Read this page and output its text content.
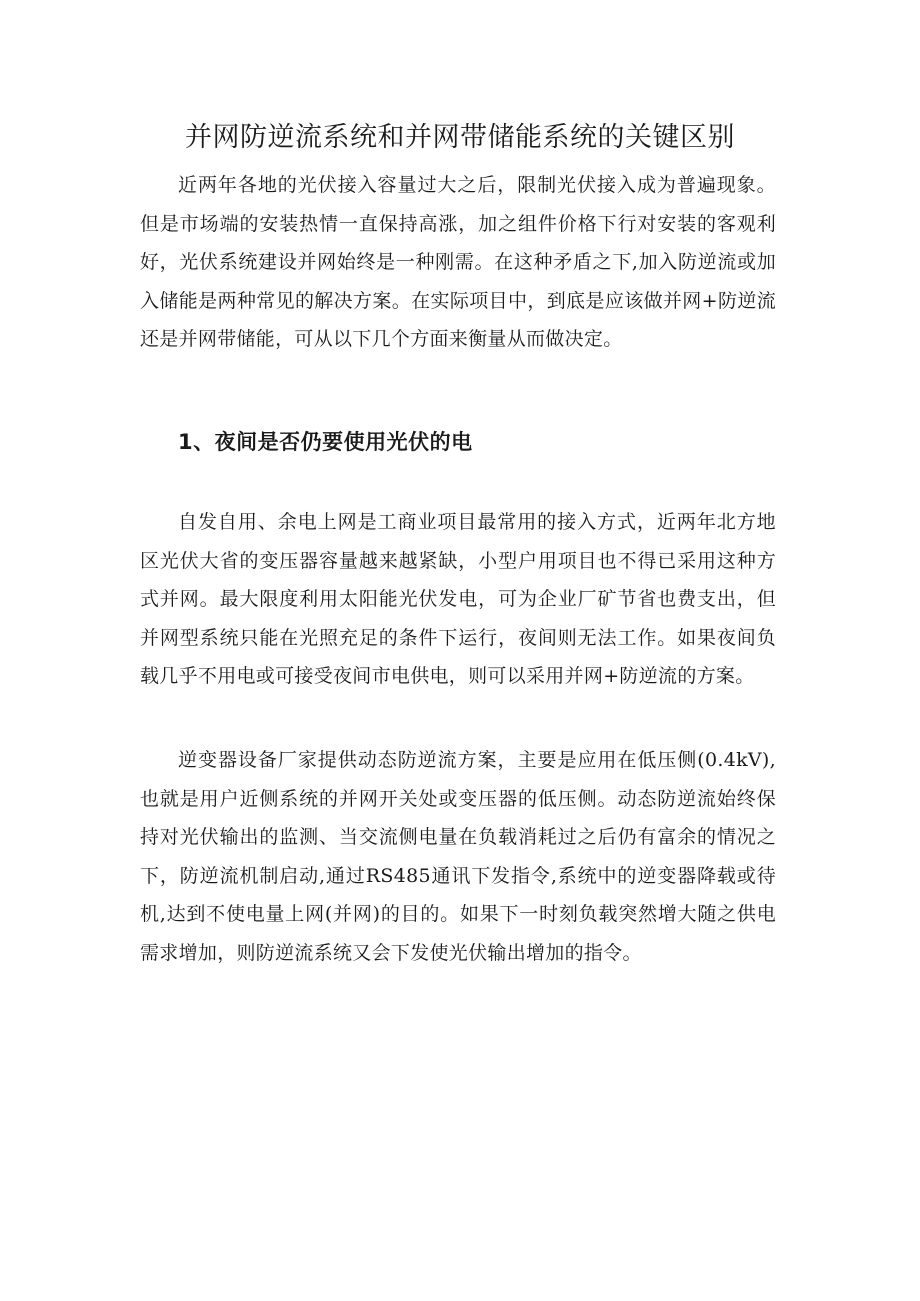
并网防逆流系统和并网带储能系统的关键区别

近两年各地的光伏接入容量过大之后，限制光伏接入成为普遍现象。但是市场端的安装热情一直保持高涨，加之组件价格下行对安装的客观利好，光伏系统建设并网始终是一种刚需。在这种矛盾之下,加入防逆流或加入储能是两种常见的解决方案。在实际项目中，到底是应该做并网+防逆流还是并网带储能，可从以下几个方面来衡量从而做决定。

1、夜间是否仍要使用光伏的电

自发自用、余电上网是工商业项目最常用的接入方式，近两年北方地区光伏大省的变压器容量越来越紧缺，小型户用项目也不得已采用这种方式并网。最大限度利用太阳能光伏发电，可为企业厂矿节省也费支出，但并网型系统只能在光照充足的条件下运行，夜间则无法工作。如果夜间负载几乎不用电或可接受夜间市电供电，则可以采用并网+防逆流的方案。

逆变器设备厂家提供动态防逆流方案，主要是应用在低压侧(0.4kV),也就是用户近侧系统的并网开关处或变压器的低压侧。动态防逆流始终保持对光伏输出的监测、当交流侧电量在负载消耗过之后仍有富余的情况之下，防逆流机制启动,通过RS485通讯下发指令,系统中的逆变器降载或待机,达到不使电量上网(并网)的目的。如果下一时刻负载突然增大随之供电需求增加，则防逆流系统又会下发使光伏输出增加的指令。
